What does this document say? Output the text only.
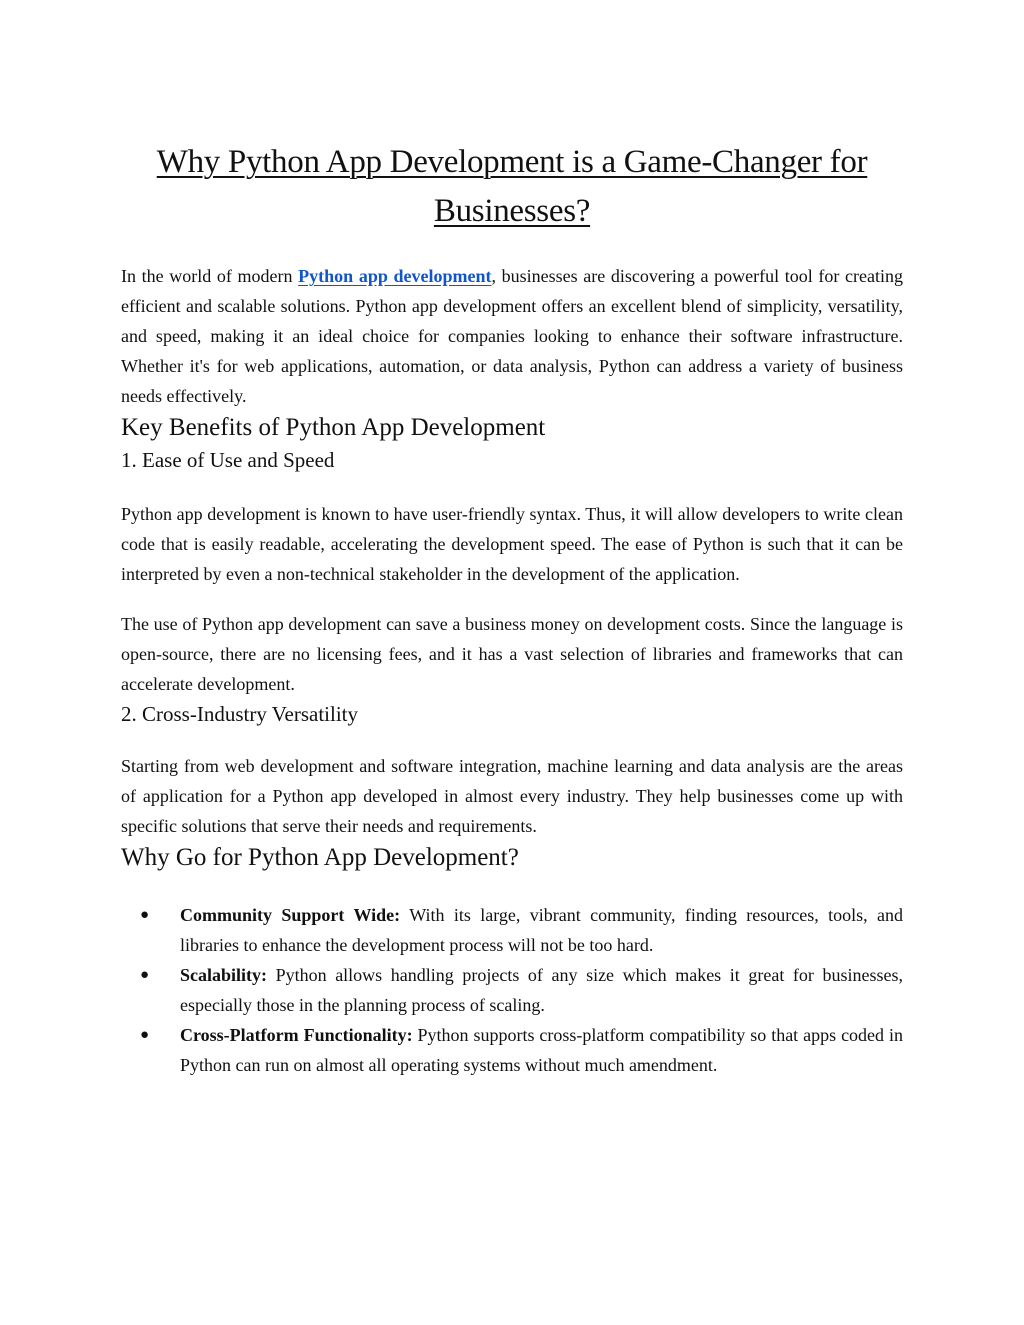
Why Python App Development is a Game-Changer for
Businesses?

In the world of modern Python app development, businesses are discovering a powerful tool for creating efficient and scalable solutions. Python app development offers an excellent blend of simplicity, versatility, and speed, making it an ideal choice for companies looking to enhance their software infrastructure. Whether it's for web applications, automation, or data analysis, Python can address a variety of business needs effectively.

Key Benefits of Python App Development
1. Ease of Use and Speed

Python app development is known to have user-friendly syntax. Thus, it will allow developers to write clean code that is easily readable, accelerating the development speed. The ease of Python is such that it can be interpreted by even a non-technical stakeholder in the development of the application.

The use of Python app development can save a business money on development costs. Since the language is open-source, there are no licensing fees, and it has a vast selection of libraries and frameworks that can accelerate development.

2. Cross-Industry Versatility

Starting from web development and software integration, machine learning and data analysis are the areas of application for a Python app developed in almost every industry. They help businesses come up with specific solutions that serve their needs and requirements.

Why Go for Python App Development?
● Community Support Wide: With its large, vibrant community, finding resources, tools, and libraries to enhance the development process will not be too hard.
● Scalability: Python allows handling projects of any size which makes it great for businesses, especially those in the planning process of scaling.
● Cross-Platform Functionality: Python supports cross-platform compatibility so that apps coded in Python can run on almost all operating systems without much amendment.
